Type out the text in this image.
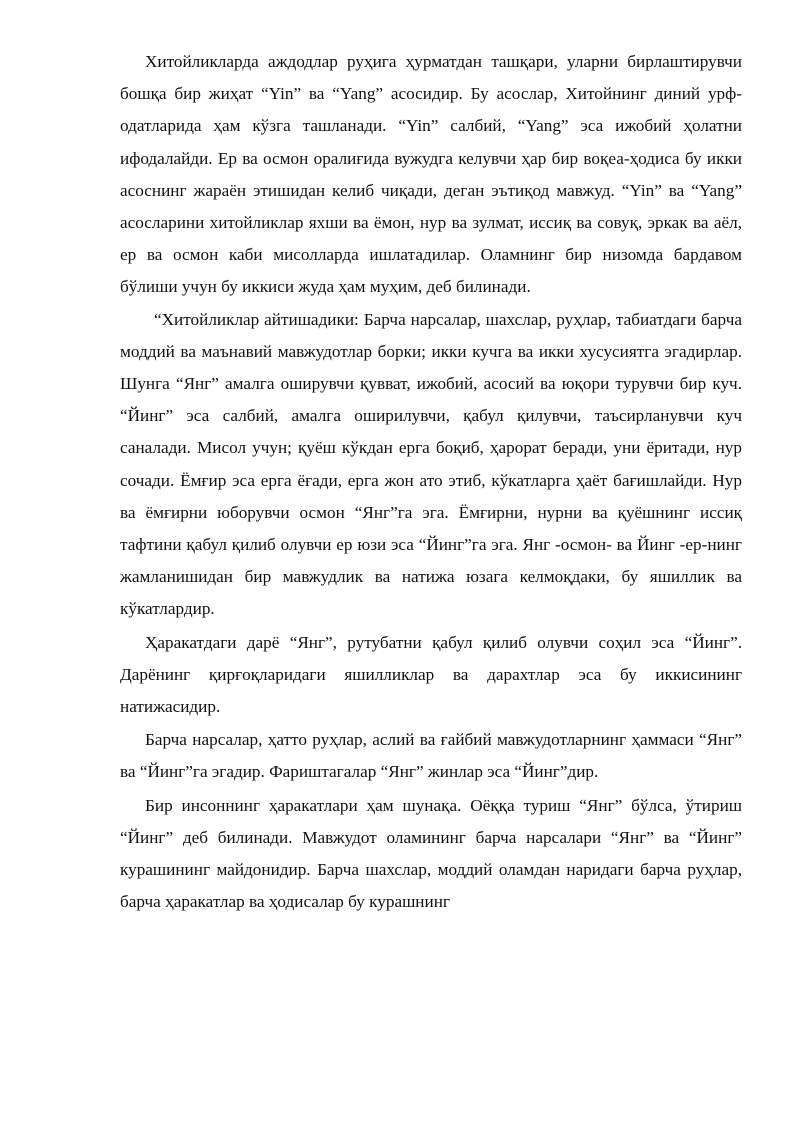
Хитойликларда аждодлар руҳига ҳурматдан ташқари, уларни бирлаштирувчи бошқа бир жиҳат “Yin” ва “Yang” асосидир. Бу асослар, Хитойнинг диний урф-одатларида ҳам кўзга ташланади. “Yin” салбий, “Yang” эса ижобий ҳолатни ифодалайди. Ер ва осмон оралиғида вужудга келувчи ҳар бир воқеа-ҳодиса бу икки асоснинг жараён этишидан келиб чиқади, деган эътиқод мавжуд. “Yin” ва “Yang” асосларини хитойликлар яхши ва ёмон, нур ва зулмат, иссиқ ва совуқ, эркак ва аёл, ер ва осмон каби мисолларда ишлатадилар. Оламнинг бир низомда бардавом бўлиши учун бу иккиси жуда ҳам муҳим, деб билинади.

“Хитойликлар айтишадики: Барча нарсалар, шахслар, руҳлар, табиатдаги барча моддий ва маънавий мавжудотлар борки; икки кучга ва икки хусусиятга эгадирлар. Шунга “Янг” амалга оширувчи қувват, ижобий, асосий ва юқори турувчи бир куч. “Йинг” эса салбий, амалга оширилувчи, қабул қилувчи, таъсирланувчи куч саналади. Мисол учун; қуёш кўкдан ерга боқиб, ҳарорат беради, уни ёритади, нур сочади. Ёмғир эса ерга ёғади, ерга жон ато этиб, кўкатларга ҳаёт бағишлайди. Нур ва ёмғирни юборувчи осмон “Янг”га эга. Ёмғирни, нурни ва қуёшнинг иссиқ тафтини қабул қилиб олувчи ер юзи эса “Йинг”га эга. Янг -осмон- ва Йинг -ер-нинг жамланишидан бир мавжудлик ва натижа юзага келмоқдаки, бу яшиллик ва кўкатлардир.

Ҳаракатдаги дарё “Янг”, рутубатни қабул қилиб олувчи соҳил эса “Йинг”. Дарёнинг қирғоқларидаги яшилликлар ва дарахтлар эса бу иккисининг натижасидир.

Барча нарсалар, ҳатто руҳлар, аслий ва ғайбий мавжудотларнинг ҳаммаси “Янг” ва “Йинг”га эгадир. Фариштагалар “Янг” жинлар эса “Йинг”дир.

Бир инсоннинг ҳаракатлари ҳам шунақа. Оёққа туриш “Янг” бўлса, ўтириш “Йинг” деб билинади. Мавжудот оламининг барча нарсалари “Янг” ва “Йинг” курашининг майдонидир. Барча шахслар, моддий оламдан наридаги барча руҳлар, барча ҳаракатлар ва ҳодисалар бу курашнинг
